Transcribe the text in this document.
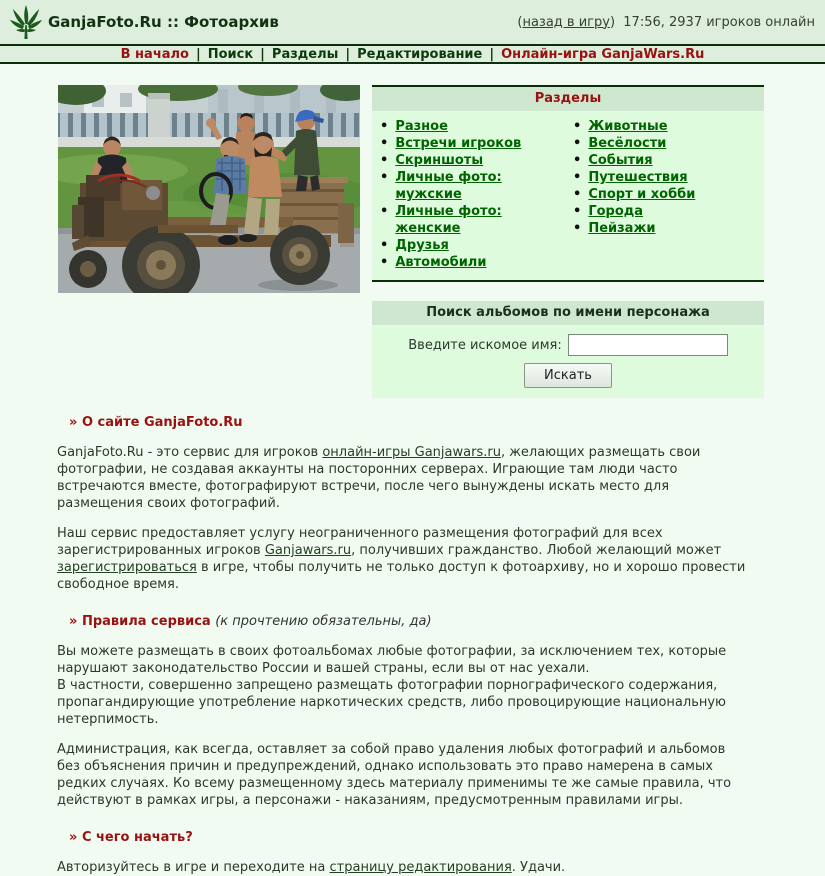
GanjaFoto.Ru :: Фотоархив	(назад в игру) 17:56, 2937 игроков онлайн
В начало | Поиск | Разделы | Редактирование | Онлайн-игра GanjaWars.Ru
Разделы
• Разное
• Встречи игроков
• Скриншоты
• Личные фото: мужские
• Личные фото: женские
• Друзья
• Автомобили
• Животные
• Весёлости
• События
• Путешествия
• Спорт и хобби
• Города
• Пейзажи
Поиск альбомов по имени персонажа
Введите искомое имя:
Искать
» О сайте GanjaFoto.Ru

GanjaFoto.Ru - это сервис для игроков онлайн-игры Ganjawars.ru, желающих размещать свои фотографии, не создавая аккаунты на посторонних серверах. Играющие там люди часто встречаются вместе, фотографируют встречи, после чего вынуждены искать место для размещения своих фотографий.

Наш сервис предоставляет услугу неограниченного размещения фотографий для всех зарегистрированных игроков Ganjawars.ru, получивших гражданство. Любой желающий может зарегистрироваться в игре, чтобы получить не только доступ к фотоархиву, но и хорошо провести свободное время.

» Правила сервиса (к прочтению обязательны, да)

Вы можете размещать в своих фотоальбомах любые фотографии, за исключением тех, которые нарушают законодательство России и вашей страны, если вы от нас уехали.
В частности, совершенно запрещено размещать фотографии порнографического содержания, пропагандирующие употребление наркотических средств, либо провоцирующие национальную нетерпимость.

Администрация, как всегда, оставляет за собой право удаления любых фотографий и альбомов без объяснения причин и предупреждений, однако использовать это право намерена в самых редких случаях. Ко всему размещенному здесь материалу применимы те же самые правила, что действуют в рамках игры, а персонажи - наказаниям, предусмотренным правилами игры.

» С чего начать?

Авторизуйтесь в игре и переходите на страницу редактирования. Удачи.
